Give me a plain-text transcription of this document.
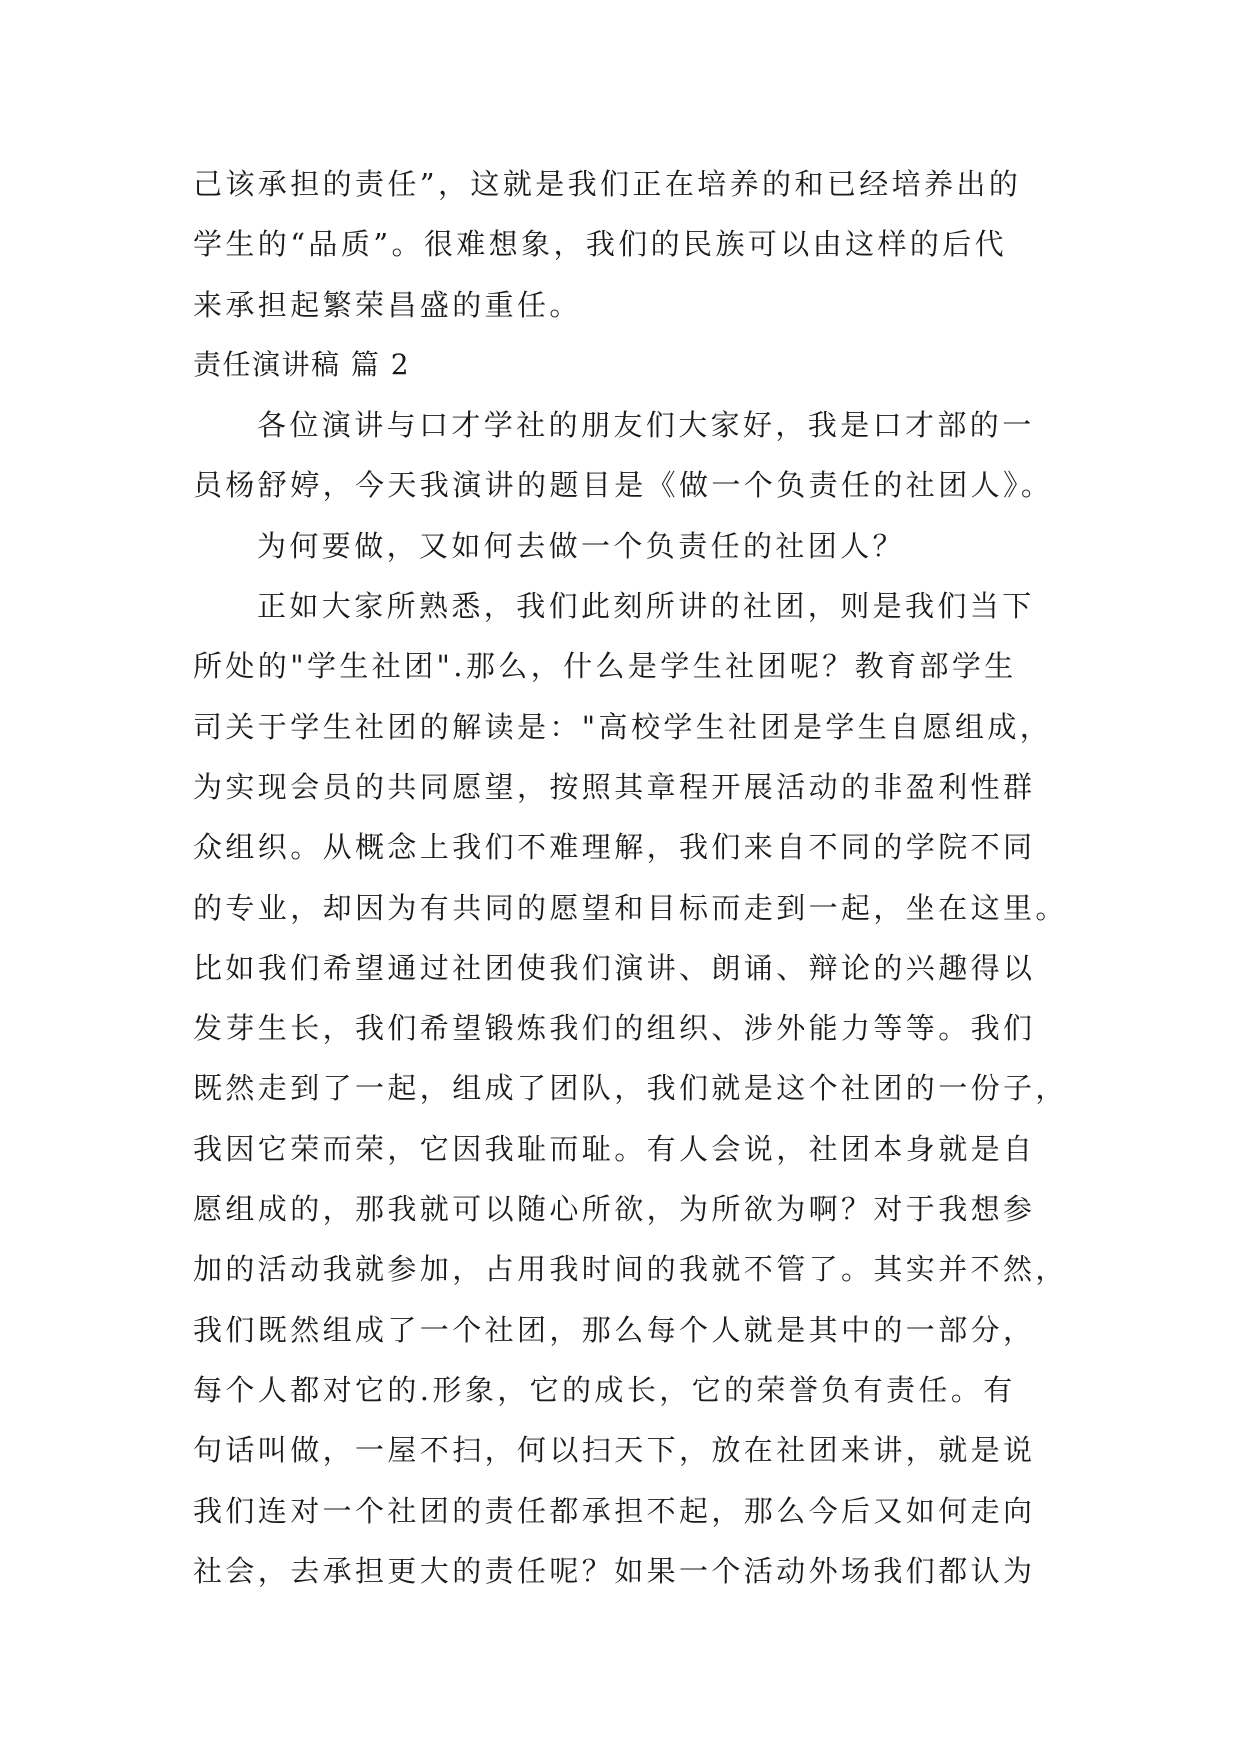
己该承担的责任”，这就是我们正在培养的和已经培养出的
学生的“品质”。很难想象，我们的民族可以由这样的后代
来承担起繁荣昌盛的重任。
责任演讲稿 篇 2
各位演讲与口才学社的朋友们大家好，我是口才部的一
员杨舒婷，今天我演讲的题目是《做一个负责任的社团人》。
为何要做，又如何去做一个负责任的社团人？
正如大家所熟悉，我们此刻所讲的社团，则是我们当下
所处的"学生社团".那么，什么是学生社团呢？教育部学生
司关于学生社团的解读是："高校学生社团是学生自愿组成，
为实现会员的共同愿望，按照其章程开展活动的非盈利性群
众组织。从概念上我们不难理解，我们来自不同的学院不同
的专业，却因为有共同的愿望和目标而走到一起，坐在这里。
比如我们希望通过社团使我们演讲、朗诵、辩论的兴趣得以
发芽生长，我们希望锻炼我们的组织、涉外能力等等。我们
既然走到了一起，组成了团队，我们就是这个社团的一份子，
我因它荣而荣，它因我耻而耻。有人会说，社团本身就是自
愿组成的，那我就可以随心所欲，为所欲为啊？对于我想参
加的活动我就参加，占用我时间的我就不管了。其实并不然，
我们既然组成了一个社团，那么每个人就是其中的一部分，
每个人都对它的.形象，它的成长，它的荣誉负有责任。有
句话叫做，一屋不扫，何以扫天下，放在社团来讲，就是说
我们连对一个社团的责任都承担不起，那么今后又如何走向
社会，去承担更大的责任呢？如果一个活动外场我们都认为
